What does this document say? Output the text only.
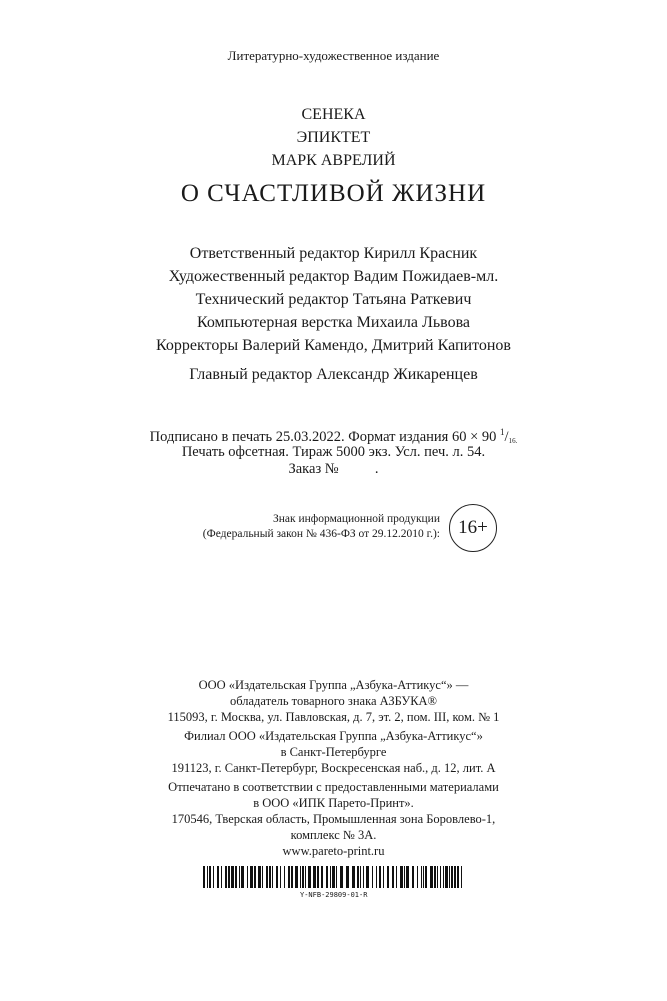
Литературно-художественное издание
СЕНЕКА
ЭПИКТЕТ
МАРК АВРЕЛИЙ
О СЧАСТЛИВОЙ ЖИЗНИ
Ответственный редактор Кирилл Красник
Художественный редактор Вадим Пожидаев-мл.
Технический редактор Татьяна Раткевич
Компьютерная верстка Михаила Львова
Корректоры Валерий Камендо, Дмитрий Капитонов
Главный редактор Александр Жикаренцев
Подписано в печать 25.03.2022. Формат издания 60 × 90 $^1/_{16.}$
Печать офсетная. Тираж 5000 экз. Усл. печ. л. 54.
Заказ №          .
Знак информационной продукции
(Федеральный закон № 436-ФЗ от 29.12.2010 г.): 16+
ООО «Издательская Группа „Азбука-Аттикус“» —
обладатель товарного знака АЗБУКА®
115093, г. Москва, ул. Павловская, д. 7, эт. 2, пом. III, ком. № 1
Филиал ООО «Издательская Группа „Азбука-Аттикус“»
в Санкт-Петербурге
191123, г. Санкт-Петербург, Воскресенская наб., д. 12, лит. А
Отпечатано в соответствии с предоставленными материалами
в ООО «ИПК Парето-Принт».
170546, Тверская область, Промышленная зона Боровлево-1,
комплекс № 3А.
www.pareto-print.ru
Y-NFB-29809-01-R
